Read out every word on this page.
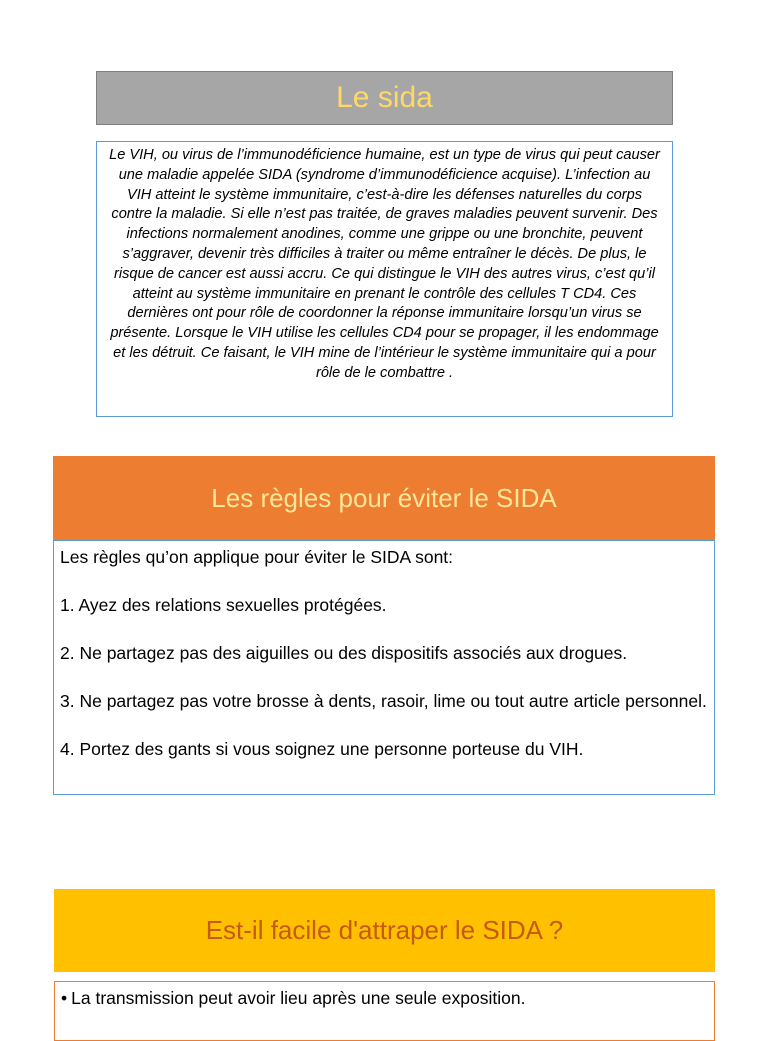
Le sida

Le VIH, ou virus de l’immunodéficience humaine, est un type de virus qui peut causer une maladie appelée SIDA (syndrome d’immunodéficience acquise). L’infection au VIH atteint le système immunitaire, c’est-à-dire les défenses naturelles du corps contre la maladie. Si elle n’est pas traitée, de graves maladies peuvent survenir. Des infections normalement anodines, comme une grippe ou une bronchite, peuvent s’aggraver, devenir très difficiles à traiter ou même entraîner le décès. De plus, le risque de cancer est aussi accru. Ce qui distingue le VIH des autres virus, c’est qu’il atteint au système immunitaire en prenant le contrôle des cellules T CD4. Ces dernières ont pour rôle de coordonner la réponse immunitaire lorsqu’un virus se présente. Lorsque le VIH utilise les cellules CD4 pour se propager, il les endommage et les détruit. Ce faisant, le VIH mine de l’intérieur le système immunitaire qui a pour rôle de le combattre .

Les règles pour éviter le SIDA

Les règles qu’on applique pour éviter le SIDA sont:

1. Ayez des relations sexuelles protégées.

2. Ne partagez pas des aiguilles ou des dispositifs associés aux drogues.

3. Ne partagez pas votre brosse à dents, rasoir, lime ou tout autre article personnel.

4. Portez des gants si vous soignez une personne porteuse du VIH.

Est-il facile d'attraper le SIDA ?
• La transmission peut avoir lieu après une seule exposition.
